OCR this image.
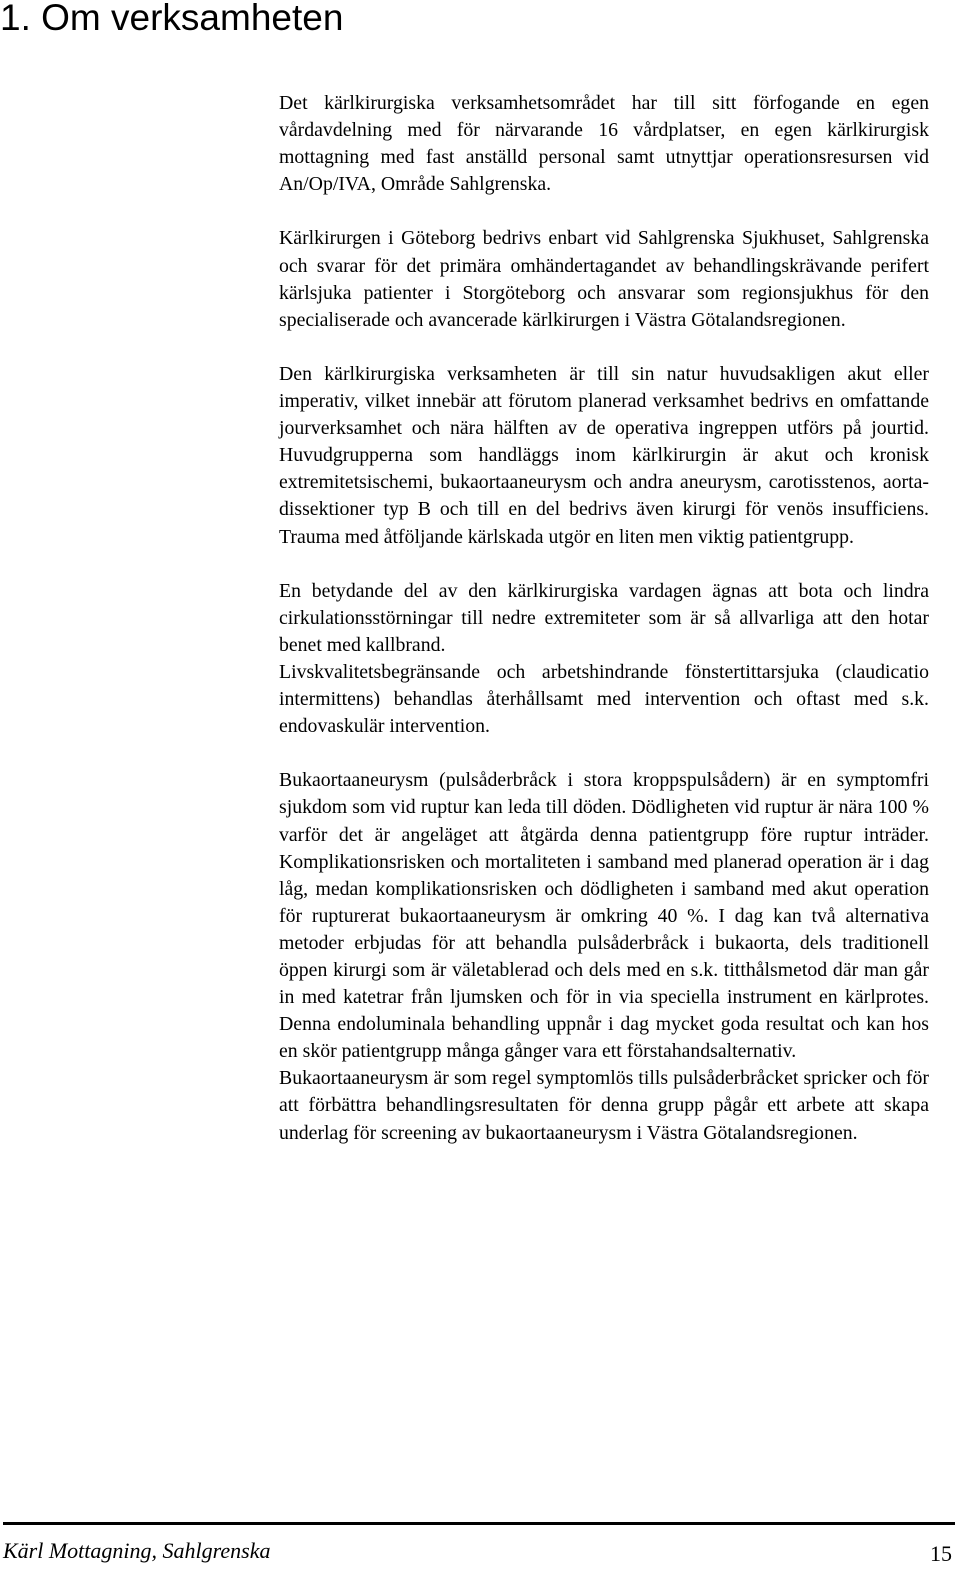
1. Om verksamheten

Det kärlkirurgiska verksamhetsområdet har till sitt förfogande en egen vårdavdelning med för närvarande 16 vårdplatser, en egen kärlkirurgisk mottagning med fast anställd personal samt utnyttjar operationsresursen vid An/Op/IVA, Område Sahlgrenska.

Kärlkirurgen i Göteborg bedrivs enbart vid Sahlgrenska Sjukhuset, Sahlgrenska och svarar för det primära omhändertagandet av behandlingskrävande perifert kärlsjuka patienter i Storgöteborg och ansvarar som regionsjukhus för den specialiserade och avancerade kärlkirurgen i Västra Götalandsregionen.

Den kärlkirurgiska verksamheten är till sin natur huvudsakligen akut eller imperativ, vilket innebär att förutom planerad verksamhet bedrivs en omfattande jourverksamhet och nära hälften av de operativa ingreppen utförs på jourtid. Huvudgrupperna som handläggs inom kärlkirurgin är akut och kronisk extremitetsischemi, bukaortaaneurysm och andra aneurysm, carotisstenos, aortadissektioner typ B och till en del bedrivs även kirurgi för venös insufficiens. Trauma med åtföljande kärlskada utgör en liten men viktig patientgrupp.

En betydande del av den kärlkirurgiska vardagen ägnas att bota och lindra cirkulationsstörningar till nedre extremiteter som är så allvarliga att den hotar benet med kallbrand.

Livskvalitetsbegränsande och arbetshindrande fönstertittarsjuka (claudicatio intermittens) behandlas återhållsamt med intervention och oftast med s.k. endovaskulär intervention.

Bukaortaaneurysm (pulsåderbråck i stora kroppspulsådern) är en symptomfri sjukdom som vid ruptur kan leda till döden. Dödligheten vid ruptur är nära 100 % varför det är angeläget att åtgärda denna patientgrupp före ruptur inträder. Komplikationsrisken och mortaliteten i samband med planerad operation är i dag låg, medan komplikationsrisken och dödligheten i samband med akut operation för rupturerat bukaortaaneurysm är omkring 40 %. I dag kan två alternativa metoder erbjudas för att behandla pulsåderbråck i bukaorta, dels traditionell öppen kirurgi som är väletablerad och dels med en s.k. titthålsmetod där man går in med katetrar från ljumsken och för in via speciella instrument en kärlprotes. Denna endoluminala behandling uppnår i dag mycket goda resultat och kan hos en skör patientgrupp många gånger vara ett förstahandsalternativ.

Bukaortaaneurysm är som regel symptomlös tills pulsåderbråcket spricker och för att förbättra behandlingsresultaten för denna grupp pågår ett arbete att skapa underlag för screening av bukaortaaneurysm i Västra Götalandsregionen.

Kärl Mottagning, Sahlgrenska	15
